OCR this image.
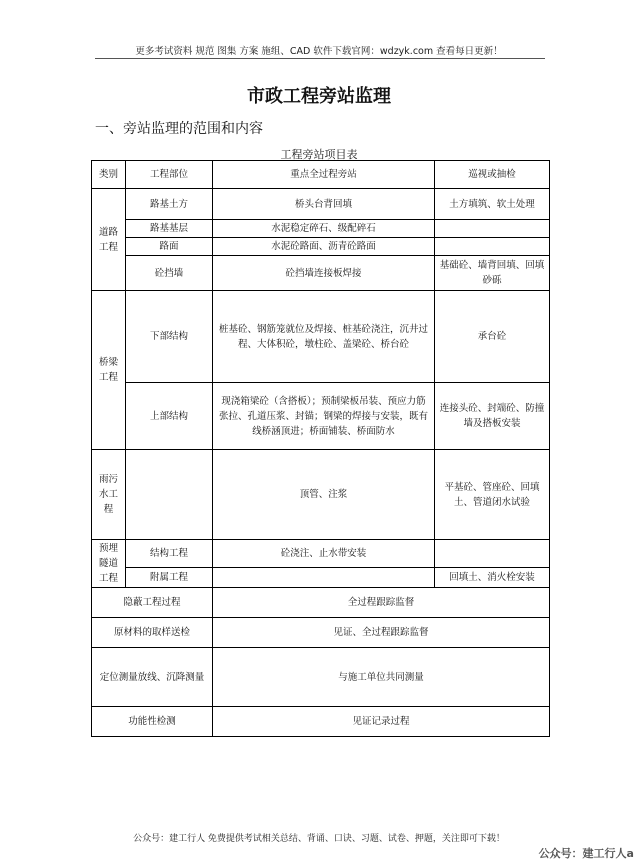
更多考试资料 规范 图集 方案 施组、CAD 软件下载官网：wdzyk.com 查看每日更新！
市政工程旁站监理
一、旁站监理的范围和内容
工程旁站项目表
类别	工程部位	重点全过程旁站	巡视或抽检
道路工程	路基土方	桥头台背回填	土方填筑、软土处理
	路基基层	水泥稳定碎石、级配碎石	
	路面	水泥砼路面、沥青砼路面	
	砼挡墙	砼挡墙连接板焊接	基础砼、墙背回填、回填砂砾
桥梁工程	下部结构	桩基砼、钢筋笼就位及焊接、桩基砼浇注，沉井过程、大体积砼，墩柱砼、盖梁砼、桥台砼	承台砼
	上部结构	现浇箱梁砼（含搭板）；预制梁板吊装、预应力筋张拉、孔道压浆、封锚；钢梁的焊接与安装，既有线桥涵顶进；桥面铺装、桥面防水	连接头砼、封端砼、防撞墙及搭板安装
雨污水工程		顶管、注浆	平基砼、管座砼、回填土、管道闭水试验
预埋隧道工程	结构工程	砼浇注、止水带安装	
	附属工程		回填土、消火栓安装
隐蔽工程过程		全过程跟踪监督	
原材料的取样送检		见证、全过程跟踪监督	
定位测量放线、沉降测量		与施工单位共同测量	
功能性检测		见证记录过程	
公众号：建工行人 免费提供考试相关总结、背诵、口诀、习题、试卷、押题，关注即可下载！
公众号：建工行人a
